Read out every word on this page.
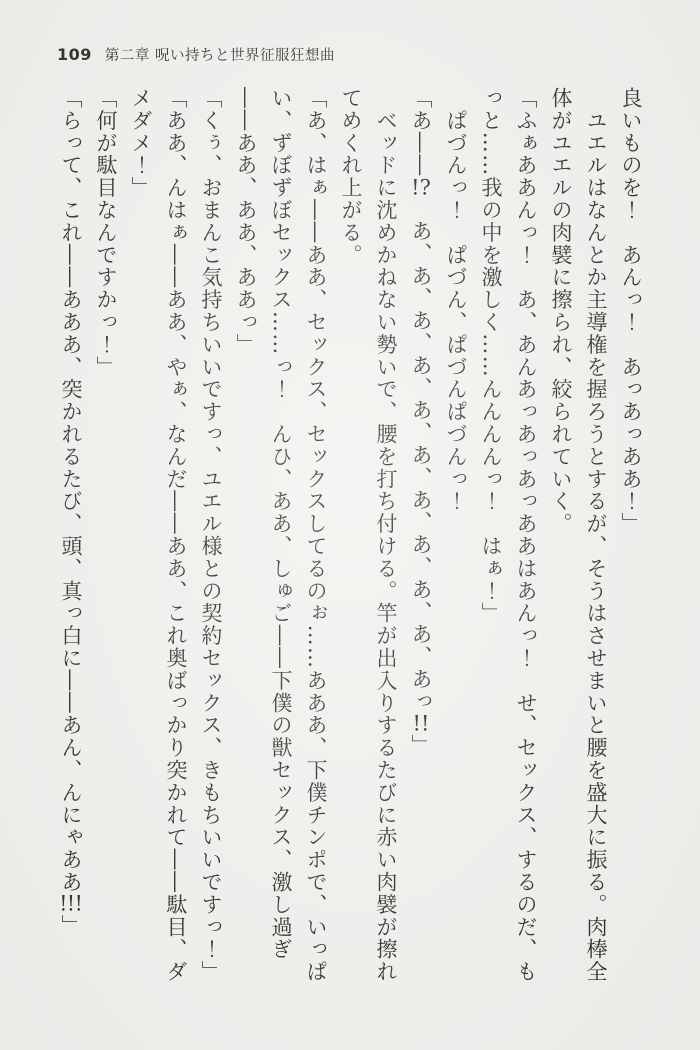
109 第二章 呪い持ちと世界征服狂想曲
良いものを！　あんっ！　あっあっああ！」
　ユエルはなんとか主導権を握ろうとするが、そうはさせまいと腰を盛大に振る。肉棒全
体がユエルの肉襞に擦られ、絞られていく。
「ふぁああんっ！　あ、あんあっあっあっああはあんっ！　せ、セックス、するのだ、も
っと……我の中を激しく……んんんんっ！　はぁ！」
　ぱづんっ！　ぱづん、ぱづんぱづんっ！
「あ――!?　あ、あ、あ、あ、あ、あ、あ、あ、あ、あ、あっ!!」
　ベッドに沈めかねない勢いで、腰を打ち付ける。竿が出入りするたびに赤い肉襞が擦れ
てめくれ上がる。
「あ、はぁ――ああ、セックス、セックスしてるのぉ……あああ、下僕チンポで、いっぱ
い、ずぼずぼセックス……っ！　んひ、ああ、しゅご――下僕の獣セックス、激し過ぎ
――ああ、ああ、ああっ」
「くぅ、おまんこ気持ちいいですっ、ユエル様との契約セックス、きもちいいですっ！」
「ああ、んはぁ――ああ、やぁ、なんだ――ああ、これ奥ばっかり突かれて――駄目、ダ
メダメ！」
「何が駄目なんですかっ！」
「らって、これ――あああ、突かれるたび、頭、真っ白に――あん、んにゃああ!!!」
